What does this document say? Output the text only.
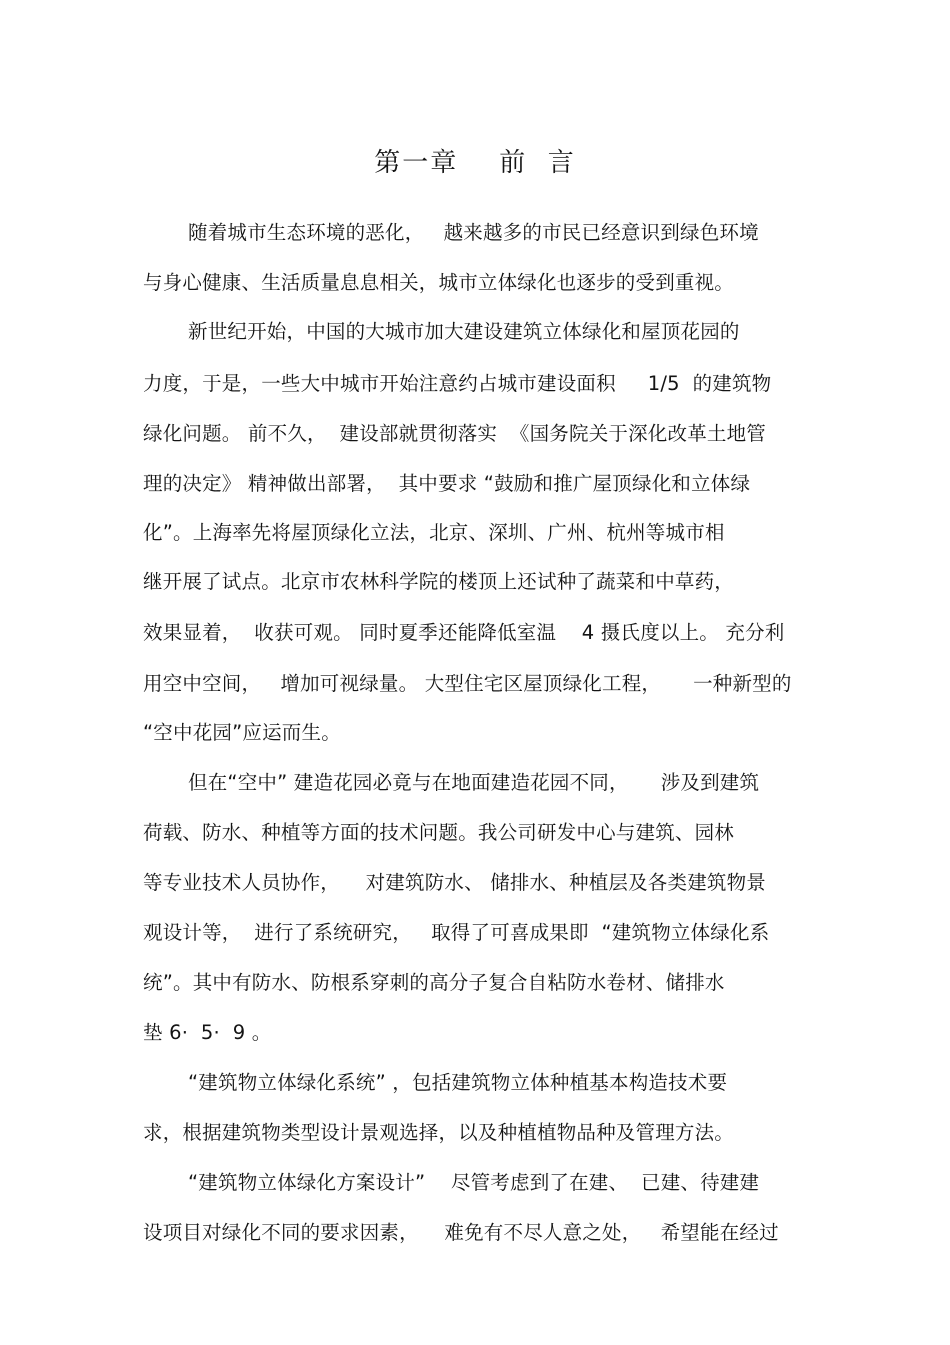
第一章    前  言
随着城市生态环境的恶化，   越来越多的市民已经意识到绿色环境
与身心健康、生活质量息息相关，城市立体绿化也逐步的受到重视。
新世纪开始，中国的大城市加大建设建筑立体绿化和屋顶花园的
力度，于是，一些大中城市开始注意约占城市建设面积     1/5  的建筑物
绿化问题。 前不久，  建设部就贯彻落实  《国务院关于深化改革土地管
理的决定》 精神做出部署，  其中要求 “鼓励和推广屋顶绿化和立体绿
化”。上海率先将屋顶绿化立法，北京、深圳、广州、杭州等城市相
继开展了试点。北京市农林科学院的楼顶上还试种了蔬菜和中草药，
效果显着，  收获可观。 同时夏季还能降低室温    4 摄氏度以上。 充分利
用空中空间，   增加可视绿量。 大型住宅区屋顶绿化工程，     一种新型的
“空中花园”应运而生。
但在“空中” 建造花园必竟与在地面建造花园不同，     涉及到建筑
荷载、防水、种植等方面的技术问题。我公司研发中心与建筑、园林
等专业技术人员协作，    对建筑防水、 储排水、种植层及各类建筑物景
观设计等，  进行了系统研究，   取得了可喜成果即  “建筑物立体绿化系
统”。其中有防水、防根系穿刺的高分子复合自粘防水卷材、储排水
垫 6·  5·  9 。
“建筑物立体绿化系统” ，包括建筑物立体种植基本构造技术要
求，根据建筑物类型设计景观选择，以及种植植物品种及管理方法。
“建筑物立体绿化方案设计”    尽管考虑到了在建、  已建、待建建
设项目对绿化不同的要求因素，    难免有不尽人意之处，   希望能在经过
